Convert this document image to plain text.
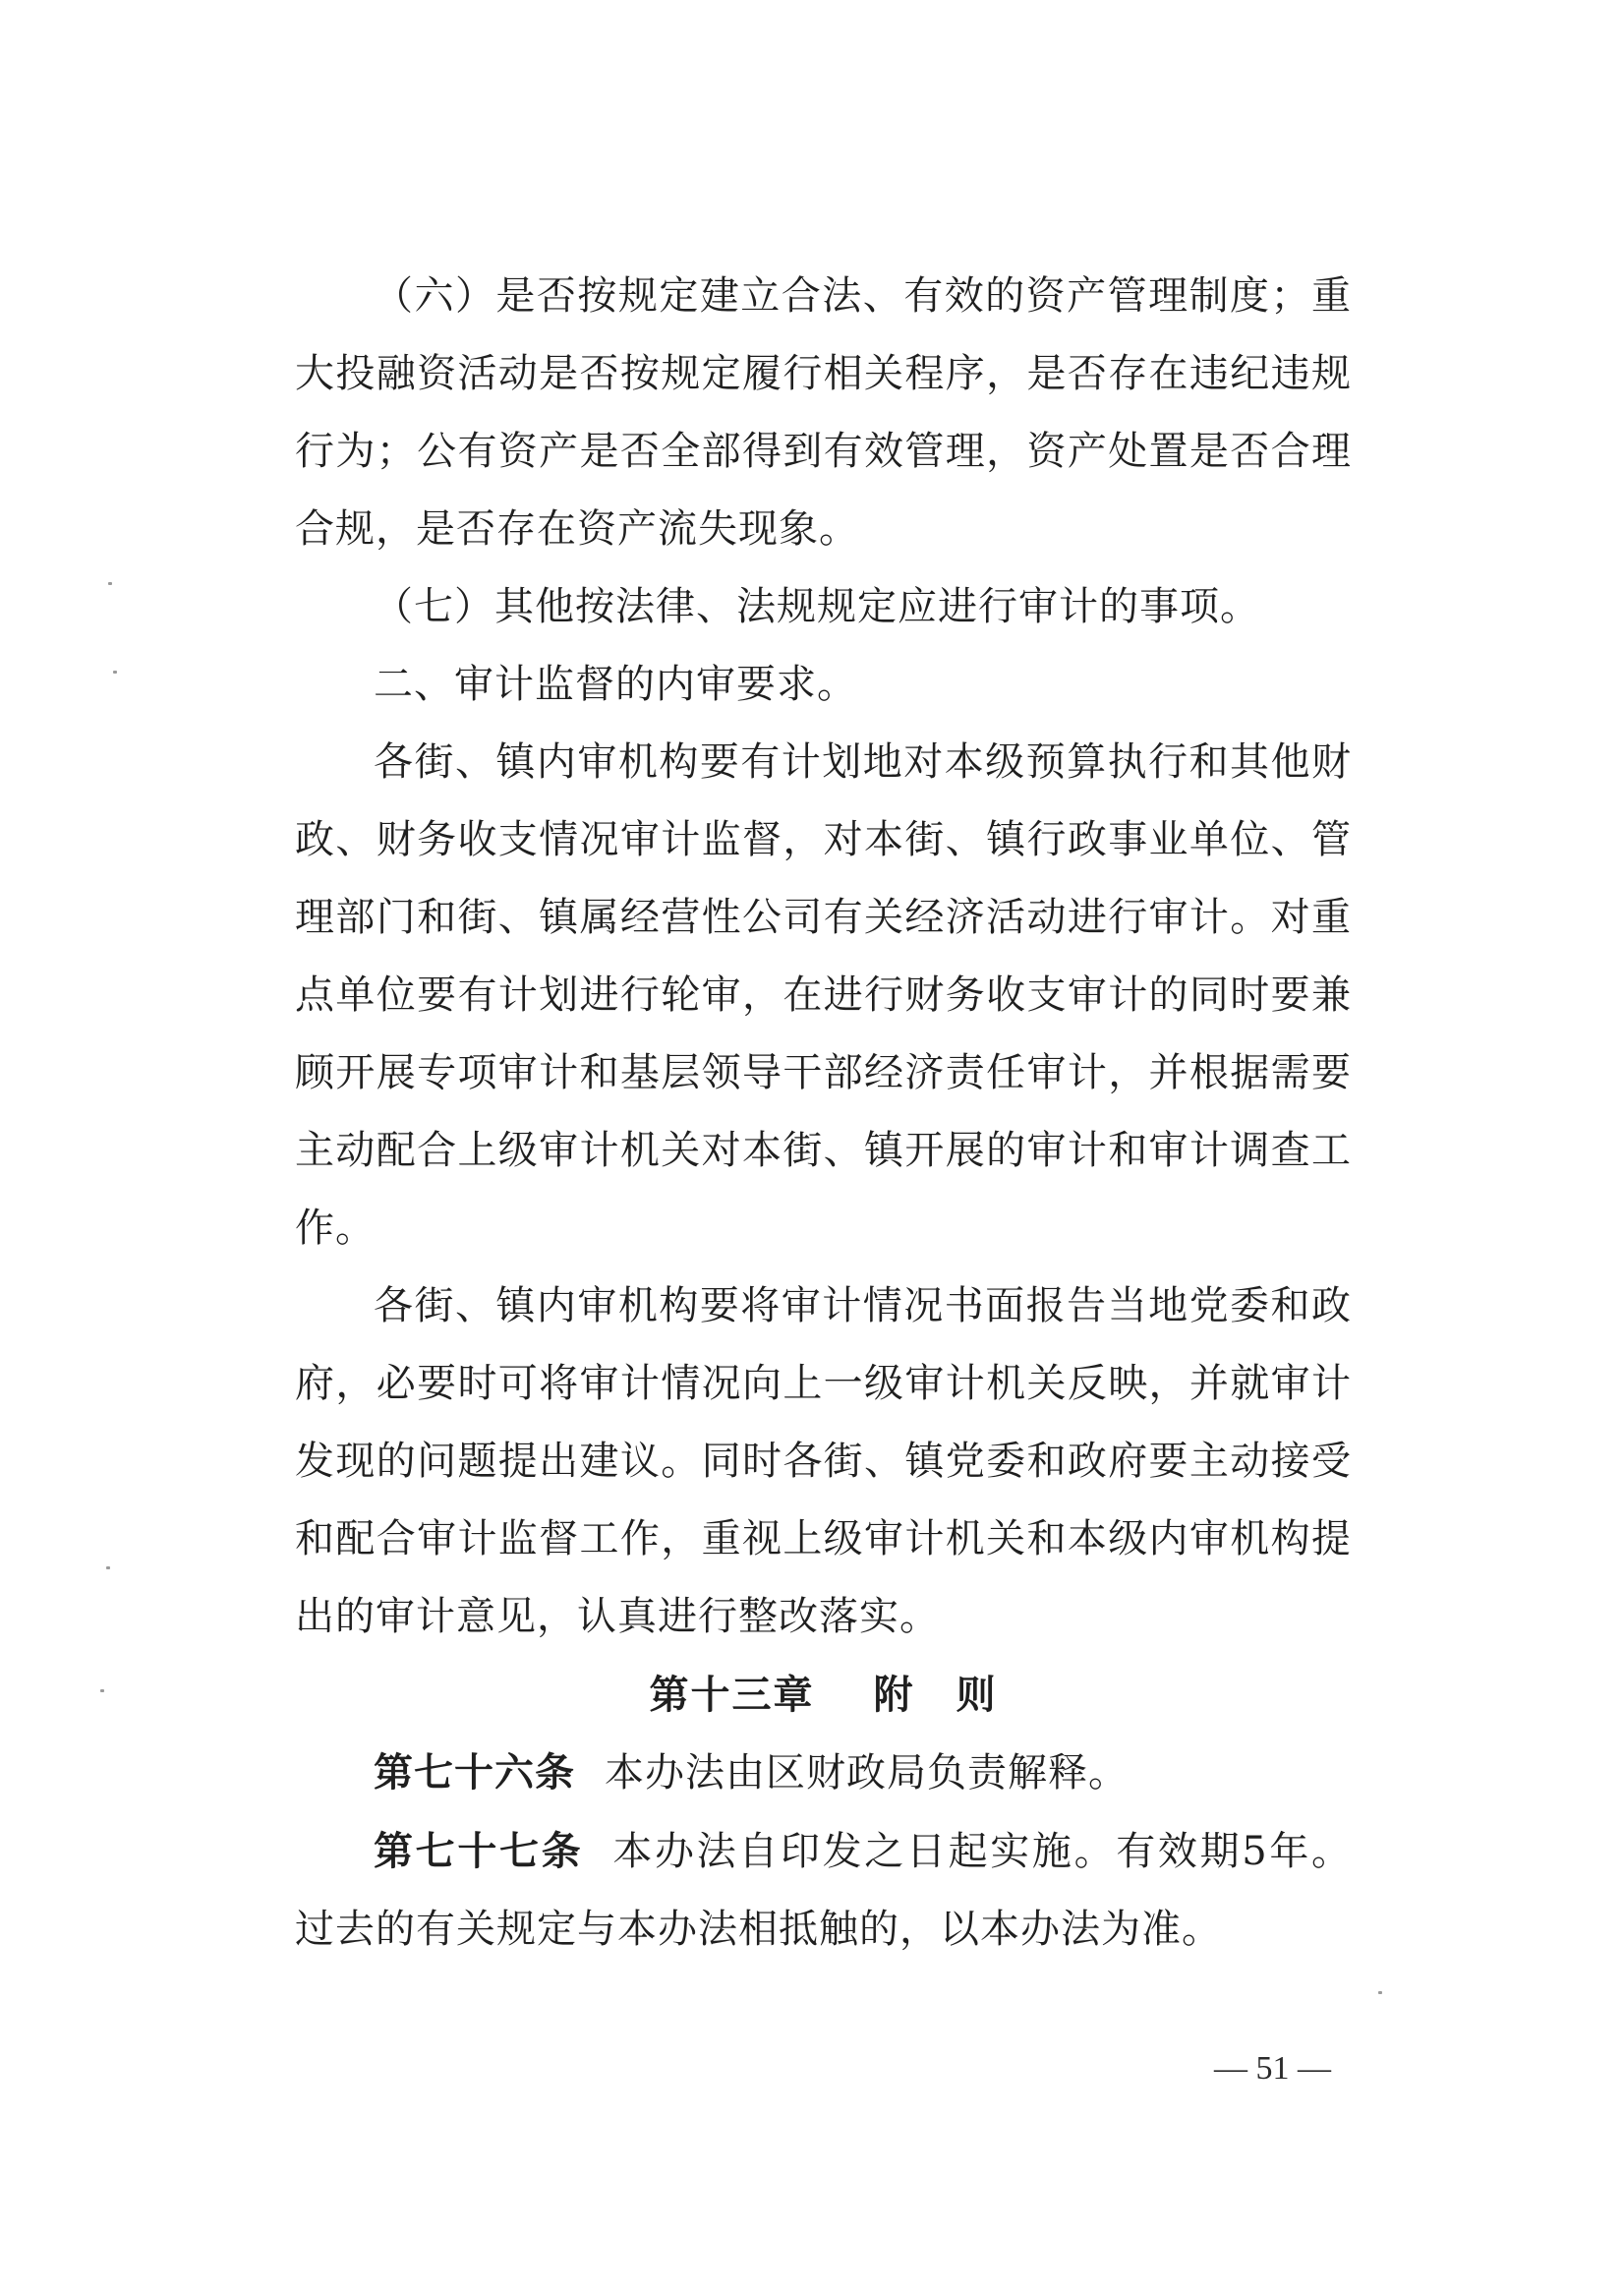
（六）是否按规定建立合法、有效的资产管理制度；重大投融资活动是否按规定履行相关程序，是否存在违纪违规行为；公有资产是否全部得到有效管理，资产处置是否合理合规，是否存在资产流失现象。

（七）其他按法律、法规规定应进行审计的事项。

二、审计监督的内审要求。

各街、镇内审机构要有计划地对本级预算执行和其他财政、财务收支情况审计监督，对本街、镇行政事业单位、管理部门和街、镇属经营性公司有关经济活动进行审计。对重点单位要有计划进行轮审，在进行财务收支审计的同时要兼顾开展专项审计和基层领导干部经济责任审计，并根据需要主动配合上级审计机关对本街、镇开展的审计和审计调查工作。

各街、镇内审机构要将审计情况书面报告当地党委和政府，必要时可将审计情况向上一级审计机关反映，并就审计发现的问题提出建议。同时各街、镇党委和政府要主动接受和配合审计监督工作，重视上级审计机关和本级内审机构提出的审计意见，认真进行整改落实。

第十三章 附　则

第七十六条 本办法由区财政局负责解释。

第七十七条 本办法自印发之日起实施。有效期5年。过去的有关规定与本办法相抵触的，以本办法为准。

— 51 —
